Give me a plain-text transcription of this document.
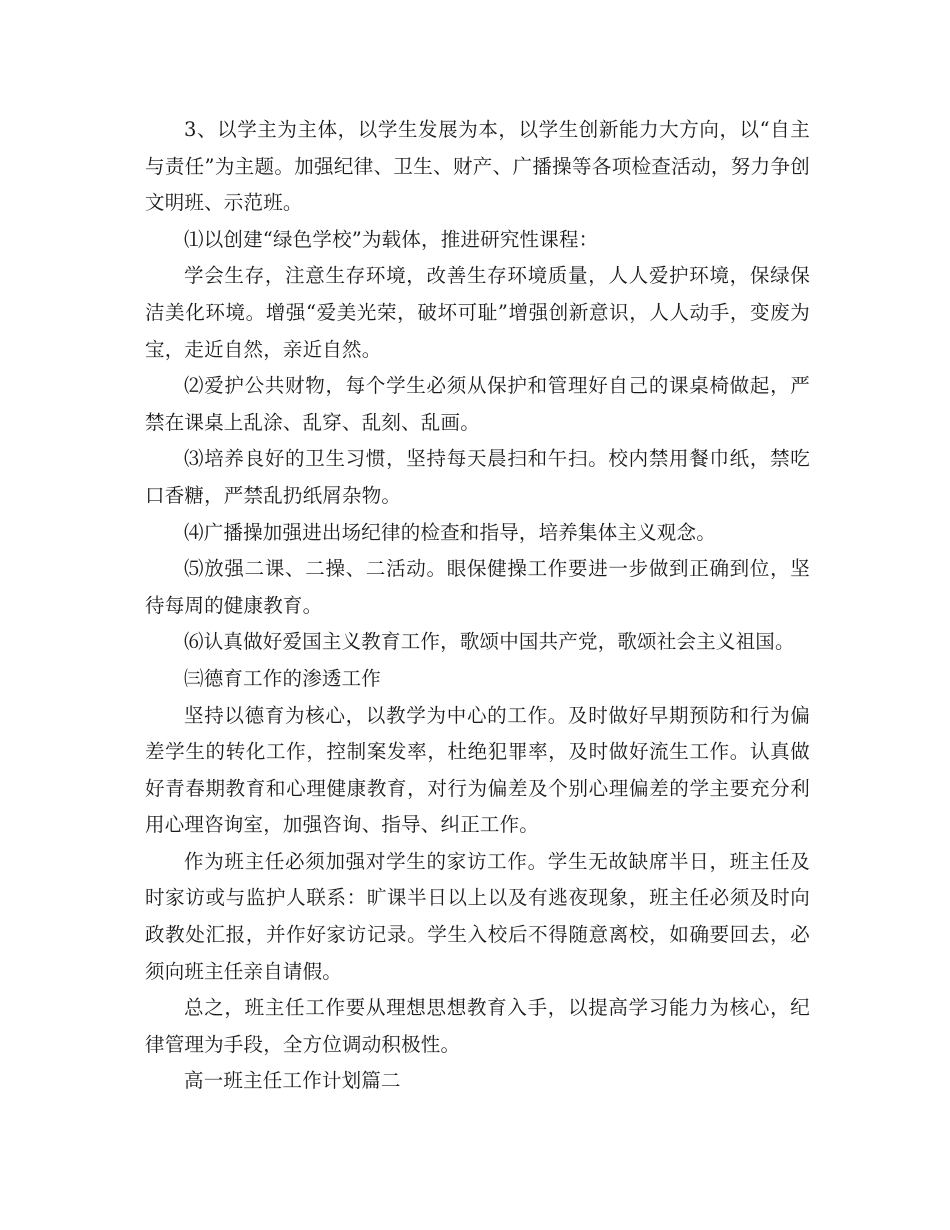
3、以学主为主体，以学生发展为本，以学生创新能力大方向，以“自主与责任”为主题。加强纪律、卫生、财产、广播操等各项检查活动，努力争创文明班、示范班。

⑴以创建“绿色学校”为载体，推进研究性课程：

学会生存，注意生存环境，改善生存环境质量，人人爱护环境，保绿保洁美化环境。增强“爱美光荣，破坏可耻”增强创新意识，人人动手，变废为宝，走近自然，亲近自然。

⑵爱护公共财物，每个学生必须从保护和管理好自己的课桌椅做起，严禁在课桌上乱涂、乱穿、乱刻、乱画。

⑶培养良好的卫生习惯，坚持每天晨扫和午扫。校内禁用餐巾纸，禁吃口香糖，严禁乱扔纸屑杂物。

⑷广播操加强进出场纪律的检查和指导，培养集体主义观念。

⑸放强二课、二操、二活动。眼保健操工作要进一步做到正确到位，坚待每周的健康教育。

⑹认真做好爱国主义教育工作，歌颂中国共产党，歌颂社会主义祖国。

㈢德育工作的渗透工作

坚持以德育为核心，以教学为中心的工作。及时做好早期预防和行为偏差学生的转化工作，控制案发率，杜绝犯罪率，及时做好流生工作。认真做好青春期教育和心理健康教育，对行为偏差及个别心理偏差的学主要充分利用心理咨询室，加强咨询、指导、纠正工作。

作为班主任必须加强对学生的家访工作。学生无故缺席半日，班主任及时家访或与监护人联系：旷课半日以上以及有逃夜现象，班主任必须及时向政教处汇报，并作好家访记录。学生入校后不得随意离校，如确要回去，必须向班主任亲自请假。

总之，班主任工作要从理想思想教育入手，以提高学习能力为核心，纪律管理为手段，全方位调动积极性。

高一班主任工作计划篇二
